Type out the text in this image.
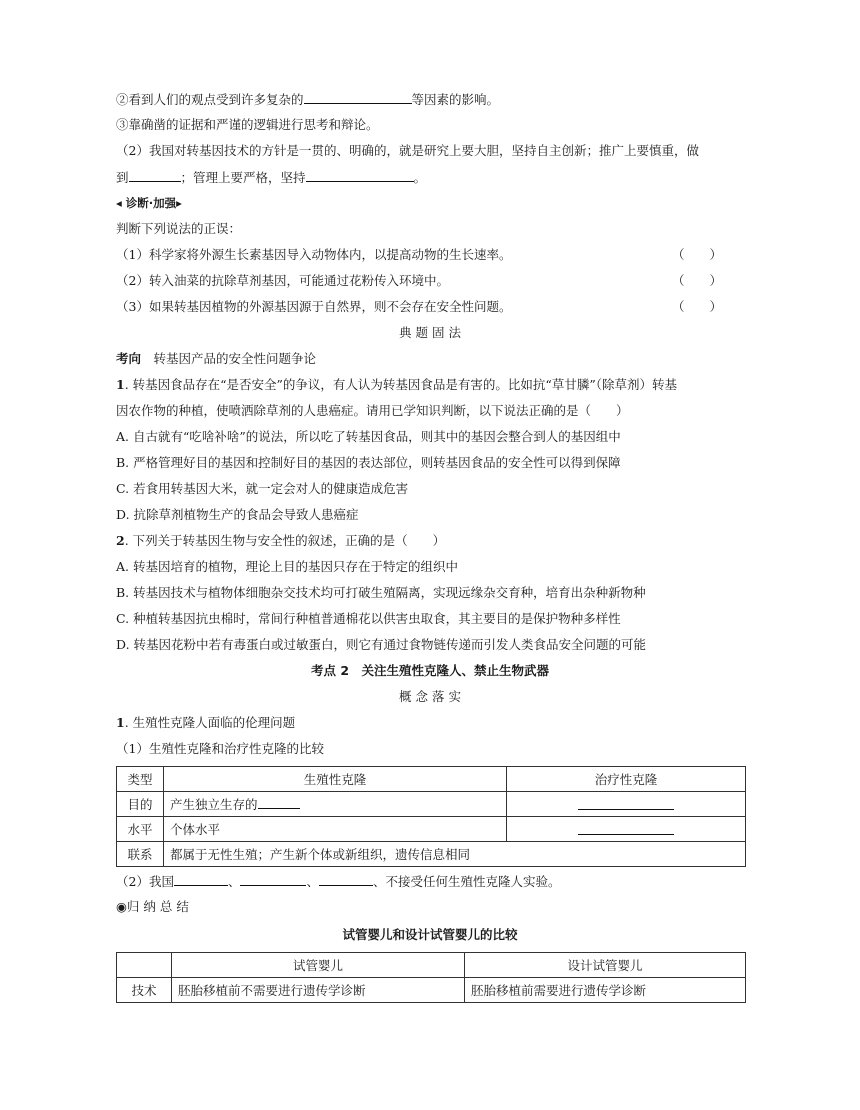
②看到人们的观点受到许多复杂的	等因素的影响。
③靠确凿的证据和严谨的逻辑进行思考和辩论。
（2）我国对转基因技术的方针是一贯的、明确的，就是研究上要大胆，坚持自主创新；推广上要慎重，做
到	；管理上要严格，坚持	。
◂ 诊断·加强▸
判断下列说法的正误：
（1）科学家将外源生长素基因导入动物体内，以提高动物的生长速率。	（　　）
（2）转入油菜的抗除草剂基因，可能通过花粉传入环境中。	（　　）
（3）如果转基因植物的外源基因源于自然界，则不会存在安全性问题。	（　　）
典 题 固 法
考向　 转基因产品的安全性问题争论
1. 转基因食品存在“是否安全”的争议，有人认为转基因食品是有害的。比如抗“草甘膦”（除草剂）转基
因农作物的种植，使喷洒除草剂的人患癌症。请用已学知识判断，以下说法正确的是（　　）
A. 自古就有“吃啥补啥”的说法，所以吃了转基因食品，则其中的基因会整合到人的基因组中
B. 严格管理好目的基因和控制好目的基因的表达部位，则转基因食品的安全性可以得到保障
C. 若食用转基因大米，就一定会对人的健康造成危害
D. 抗除草剂植物生产的食品会导致人患癌症
2. 下列关于转基因生物与安全性的叙述，正确的是（　　）
A. 转基因培育的植物，理论上目的基因只存在于特定的组织中
B. 转基因技术与植物体细胞杂交技术均可打破生殖隔离，实现远缘杂交育种，培育出杂种新物种
C. 种植转基因抗虫棉时，常间行种植普通棉花以供害虫取食，其主要目的是保护物种多样性
D. 转基因花粉中若有毒蛋白或过敏蛋白，则它有通过食物链传递而引发人类食品安全问题的可能
考点 2　关注生殖性克隆人、禁止生物武器
概 念 落 实
1. 生殖性克隆人面临的伦理问题
（1）生殖性克隆和治疗性克隆的比较
类型	生殖性克隆	治疗性克隆
目的	产生独立生存的	
水平	个体水平	
联系	都属于无性生殖；产生新个体或新组织，遗传信息相同	
（2）我国	、	、	、不接受任何生殖性克隆人实验。
◉归 纳 总 结
试管婴儿和设计试管婴儿的比较
	试管婴儿	设计试管婴儿
技术	胚胎移植前不需要进行遗传学诊断	胚胎移植前需要进行遗传学诊断
